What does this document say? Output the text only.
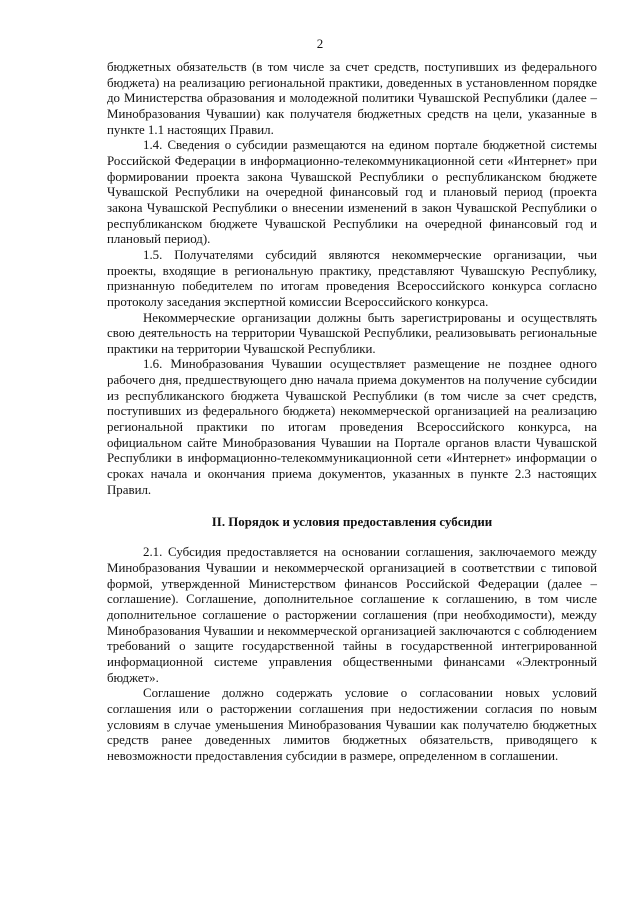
2

бюджетных обязательств (в том числе за счет средств, поступивших из федерального бюджета) на реализацию региональной практики, доведенных в установленном порядке до Министерства образования и молодежной политики Чувашской Республики (далее – Минобразования Чувашии) как получателя бюджетных средств на цели, указанные в пункте 1.1 настоящих Правил.

1.4. Сведения о субсидии размещаются на едином портале бюджетной системы Российской Федерации в информационно-телекоммуникационной сети «Интернет» при формировании проекта закона Чувашской Республики о республиканском бюджете Чувашской Республики на очередной финансовый год и плановый период (проекта закона Чувашской Республики о внесении изменений в закон Чувашской Республики о республиканском бюджете Чувашской Республики на очередной финансовый год и плановый период).

1.5. Получателями субсидий являются некоммерческие организации, чьи проекты, входящие в региональную практику, представляют Чувашскую Республику, признанную победителем по итогам проведения Всероссийского конкурса согласно протоколу заседания экспертной комиссии Всероссийского конкурса.

Некоммерческие организации должны быть зарегистрированы и осуществлять свою деятельность на территории Чувашской Республики, реализовывать региональные практики на территории Чувашской Республики.

1.6. Минобразования Чувашии осуществляет размещение не позднее одного рабочего дня, предшествующего дню начала приема документов на получение субсидии из республиканского бюджета Чувашской Республики (в том числе за счет средств, поступивших из федерального бюджета) некоммерческой организацией на реализацию региональной практики по итогам проведения Всероссийского конкурса, на официальном сайте Минобразования Чувашии на Портале органов власти Чувашской Республики в информационно-телекоммуникационной сети «Интернет» информации о сроках начала и окончания приема документов, указанных в пункте 2.3 настоящих Правил.

II. Порядок и условия предоставления субсидии

2.1. Субсидия предоставляется на основании соглашения, заключаемого между Минобразования Чувашии и некоммерческой организацией в соответствии с типовой формой, утвержденной Министерством финансов Российской Федерации (далее – соглашение). Соглашение, дополнительное соглашение к соглашению, в том числе дополнительное соглашение о расторжении соглашения (при необходимости), между Минобразования Чувашии и некоммерческой организацией заключаются с соблюдением требований о защите государственной тайны в государственной интегрированной информационной системе управления общественными финансами «Электронный бюджет».

Соглашение должно содержать условие о согласовании новых условий соглашения или о расторжении соглашения при недостижении согласия по новым условиям в случае уменьшения Минобразования Чувашии как получателю бюджетных средств ранее доведенных лимитов бюджетных обязательств, приводящего к невозможности предоставления субсидии в размере, определенном в соглашении.
